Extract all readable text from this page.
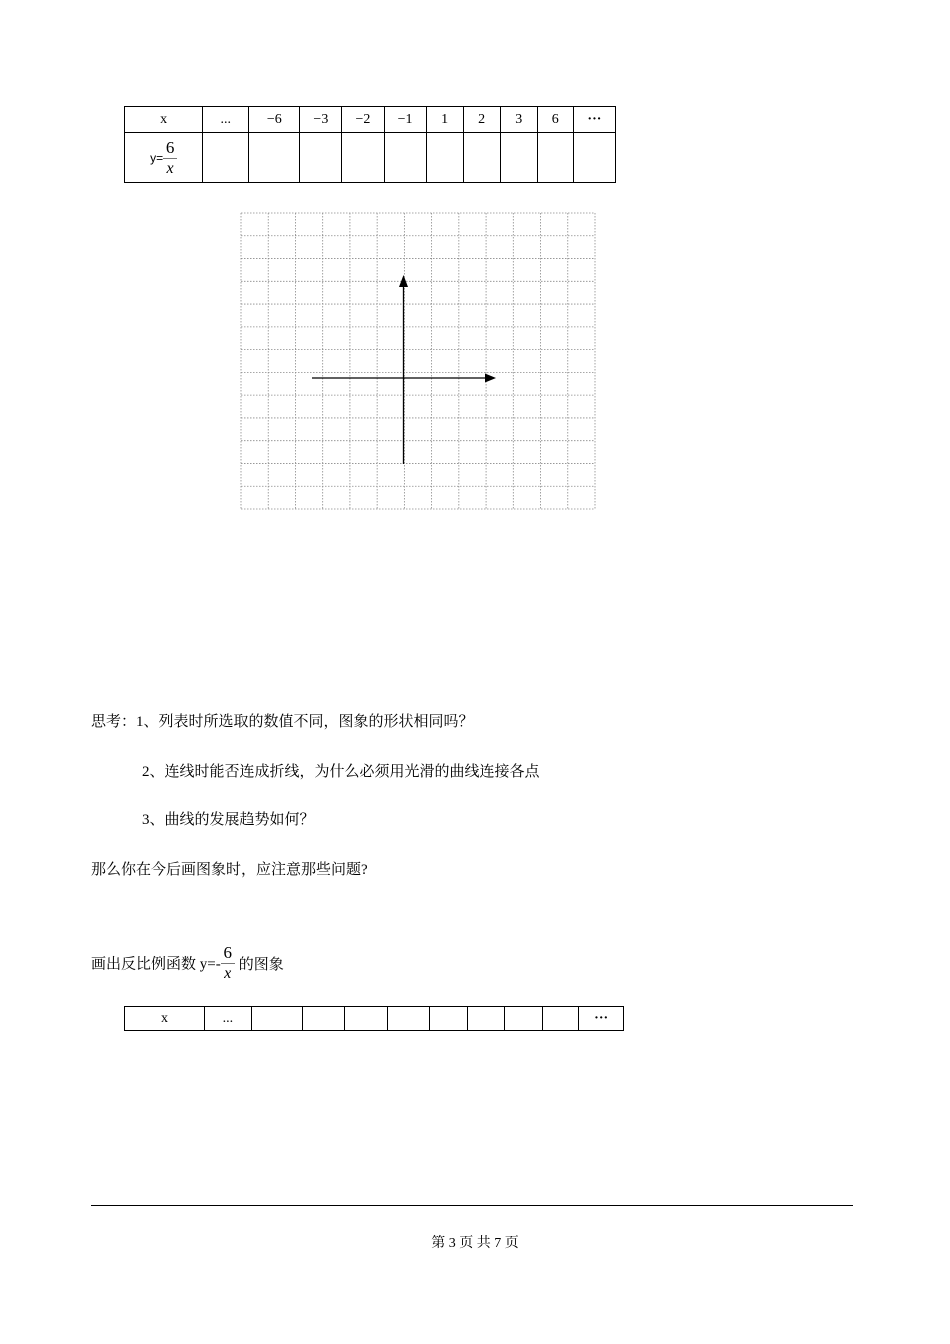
x	...	−6	−3	−2	−1	1	2	3	6	···
$y= \frac{6}{x}$

思考：1、列表时所选取的数值不同，图象的形状相同吗？
2、连线时能否连成折线，为什么必须用光滑的曲线连接各点
3、曲线的发展趋势如何？
那么你在今后画图象时，应注意那些问题?
画出反比例函数 $y=- \frac{6}{x}$ 的图象
x	...									···
第 3 页 共 7 页
